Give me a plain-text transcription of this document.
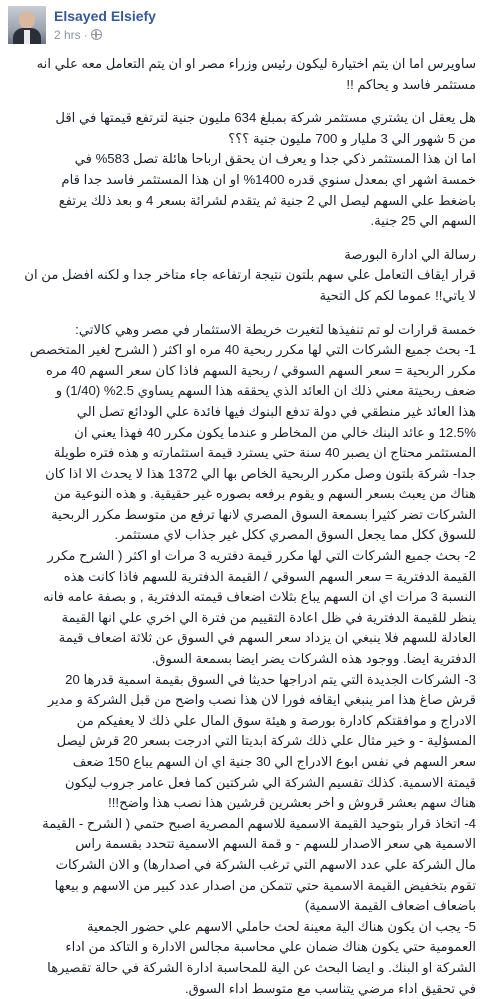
Elsayed Elsiefy
2 hrs ·

ساويرس اما ان يتم اختيارة ليكون رئيس وزراء مصر او ان يتم التعامل معه علي انه
مستثمر فاسد و يحاكم !!

هل يعقل ان يشتري مستثمر شركة بمبلغ 634 مليون جنية لترتفع قيمتها في اقل
من 5 شهور الي 3 مليار و 700 مليون جنية ؟؟؟
اما ان هذا المستثمر ذكي جدا و يعرف ان يحقق ارباحا هائلة تصل 583% في
خمسة اشهر اي بمعدل سنوي قدره 1400% او ان هذا المستثمر فاسد جدا قام
باضغط علي السهم ليصل الي 2 جنية ثم يتقدم لشرائة بسعر 4 و بعد ذلك يرتفع
السهم الي 25 جنية.

رسالة الي ادارة البورصة
قرار ايقاف التعامل علي سهم بلتون نتيجة ارتفاعه جاء متاخر جدا و لكنه افضل من ان
لا ياتي!! عموما لكم كل التحية

خمسة قرارات لو تم تنفيذها لتغيرت خريطة الاستثمار في مصر وهي كالاتي:
1- بحث جميع الشركات التي لها مكرر ربحية 40 مره او اكثر ( الشرح لغير المتخصص
مكرر الربحية = سعر السهم السوقي / ربحية السهم فاذا كان سعر السهم 40 مره
ضعف ربحيتة معني ذلك ان العائد الذي يحققه هذا السهم يساوي 2.5% (1/40) و
هذا العائد غير منطقي في دولة تدفع البنوك فيها فائدة علي الودائع تصل الي
12.5% و عائد البنك خالي من المخاطر و عندما يكون مكرر 40 فهذا يعني ان
المستثمر محتاج ان يصبر 40 سنة حتي يسترد قيمة استثمارته و هذه فتره طويلة
جدا- شركة بلتون وصل مكرر الربحية الخاص بها الي 1372 هذا لا يحدث الا اذا كان
هناك من يعبث بسعر السهم و يقوم برفعه بصوره غير حقيقية. و هذه النوعية من
الشركات تضر كثيرا بسمعة السوق المصري لانها ترفع من متوسط مكرر الربحية
للسوق ككل مما يجعل السوق المصري ككل غير جذاب لاي مستثمر.
2- بحث جميع الشركات التي لها مكرر قيمة دفتريه 3 مرات او اكثر ( الشرح مكرر
القيمة الدفترية = سعر السهم السوقي / القيمة الدفترية للسهم فاذا كانت هذه
النسبة 3 مرات اي ان السهم يباع بثلاث اضعاف قيمته الدفترية , و بصفة عامه فانه
ينظر للقيمة الدفترية في ظل اعادة التقييم من فترة الي اخري علي انها القيمة
العادلة للسهم فلا ينبغي ان يزداد سعر السهم في السوق عن ثلاثة اضعاف قيمة
الدفترية ايضا. ووجود هذه الشركات يضر ايضا بسمعة السوق.
3- الشركات الجديدة التي يتم ادراجها حديثا في السوق بقيمة اسمية قدرها 20
قرش صاغ هذا امر ينبغي ايقافه فورا لان هذا نصب واضح من قبل الشركة و مدير
الادراج و موافقتكم كادارة بورصة و هيئة سوق المال علي ذلك لا يعفيكم من
المسؤلية - و خير مثال علي ذلك شركة ابديتا التي ادرجت بسعر 20 قرش ليصل
سعر السهم في نفس ابوع الادراج الي 30 جنية اي ان السهم يباع 150 ضعف
قيمتة الاسمية. كذلك تقسيم الشركة الي شركتين كما فعل عامر جروب ليكون
هناك سهم بعشر قروش و اخر بعشرين قرشين هذا نصب هذا واضح!!!
4- اتخاذ قرار بتوحيد القيمة الاسمية للاسهم المصرية اصبح حتمي ( الشرح - القيمة
الاسمية هي سعر الاصدار للسهم - و قمة السهم الاسمية تتحدد بقسمة راس
مال الشركة علي عدد الاسهم التي ترغب الشركة في اصدارها) و الان الشركات
تقوم بتخفيض القيمة الاسمية حتي تتمكن من اصدار عدد كبير من الاسهم و بيعها
باضعاف اضعاف القيمة الاسمية)
5- يجب ان يكون هناك الية معينة لحث حاملي الاسهم علي حضور الجمعية
العمومية حتي يكون هناك ضمان علي محاسبة مجالس الادارة و التاكد من اداء
الشركة او البنك. و ايضا البحث عن الية للمحاسبة ادارة الشركة في حالة تقصيرها
في تحقيق اداء مرضي يتناسب مع متوسط اداء السوق.
